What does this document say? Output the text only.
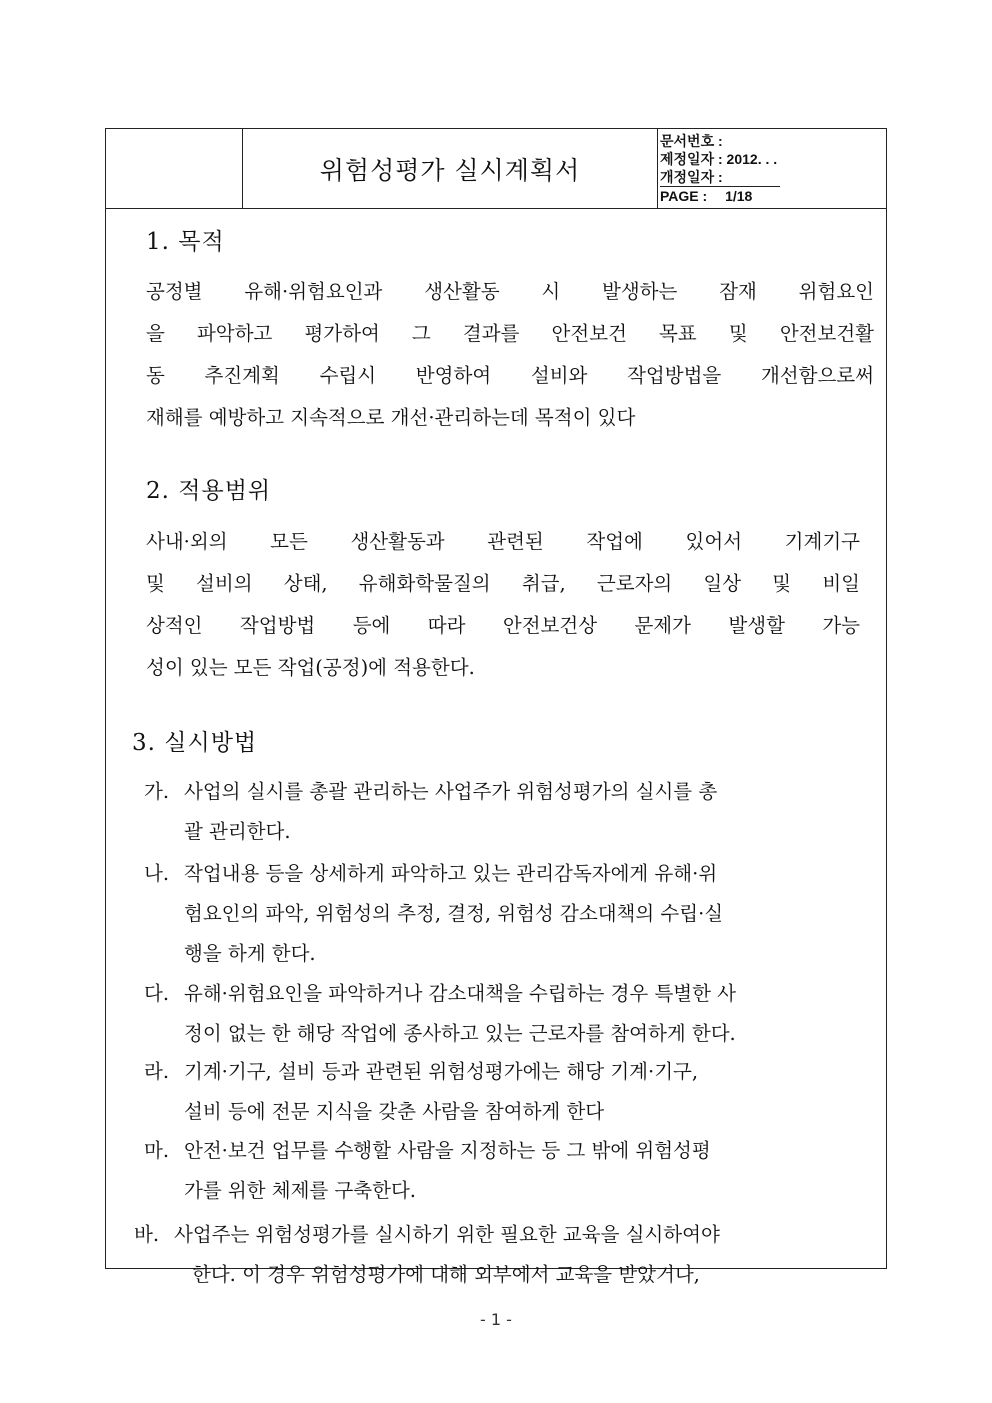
위험성평가 실시계획서
문서번호 :
제정일자 : 2012. . .
개정일자 :
PAGE : 1/18
1. 목적
공정별 유해·위험요인과 생산활동 시 발생하는 잠재 위험요인
을 파악하고 평가하여 그 결과를 안전보건 목표 및 안전보건활
동 추진계획 수립시 반영하여 설비와 작업방법을 개선함으로써
재해를 예방하고 지속적으로 개선·관리하는데 목적이 있다
2. 적용범위
사내·외의 모든 생산활동과 관련된 작업에 있어서 기계기구
및 설비의 상태, 유해화학물질의 취급, 근로자의 일상 및 비일
상적인 작업방법 등에 따라 안전보건상 문제가 발생할 가능
성이 있는 모든 작업(공정)에 적용한다.
3. 실시방법
가. 사업의 실시를 총괄 관리하는 사업주가 위험성평가의 실시를 총
괄 관리한다.
나. 작업내용 등을 상세하게 파악하고 있는 관리감독자에게 유해·위
험요인의 파악, 위험성의 추정, 결정, 위험성 감소대책의 수립·실
행을 하게 한다.
다. 유해·위험요인을 파악하거나 감소대책을 수립하는 경우 특별한 사
정이 없는 한 해당 작업에 종사하고 있는 근로자를 참여하게 한다.
라. 기계·기구, 설비 등과 관련된 위험성평가에는 해당 기계·기구,
설비 등에 전문 지식을 갖춘 사람을 참여하게 한다
마. 안전·보건 업무를 수행할 사람을 지정하는 등 그 밖에 위험성평
가를 위한 체제를 구축한다.
바. 사업주는 위험성평가를 실시하기 위한 필요한 교육을 실시하여야
한다. 이 경우 위험성평가에 대해 외부에서 교육을 받았거나,
- 1 -
